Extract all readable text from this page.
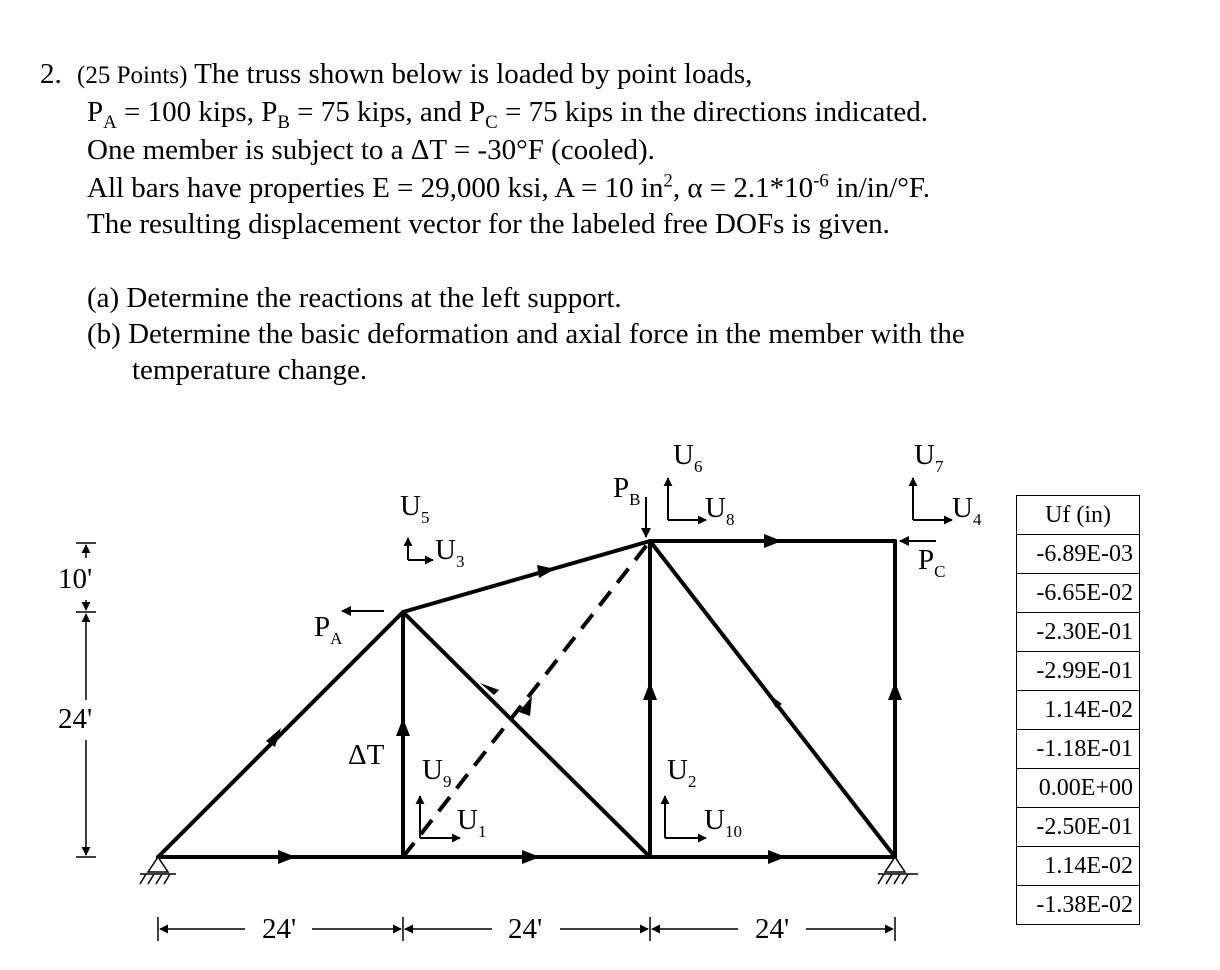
2. (25 Points) The truss shown below is loaded by point loads,
$P_A = 100$ kips, $P_B = 75$ kips, and $P_C = 75$ kips in the directions indicated.
One member is subject to a ΔT = -30°F (cooled).
All bars have properties E = 29,000 ksi, A = 10 $in^2$, $\alpha = 2.1*10^{-6}$ in/in/°F.
The resulting displacement vector for the labeled free DOFs is given.
(a) Determine the reactions at the left support.
(b) Determine the basic deformation and axial force in the member with the
temperature change.
10'
24'
24'	24'	24'
$P_A$
$P_B$
$P_C$
ΔT
$U_5$
$U_3$
$U_6$
$U_8$
$U_7$
$U_4$
$U_9$
$U_1$
$U_2$
$U_{10}$
Uf (in)
-6.89E-03
-6.65E-02
-2.30E-01
-2.99E-01
1.14E-02
-1.18E-01
0.00E+00
-2.50E-01
1.14E-02
-1.38E-02
